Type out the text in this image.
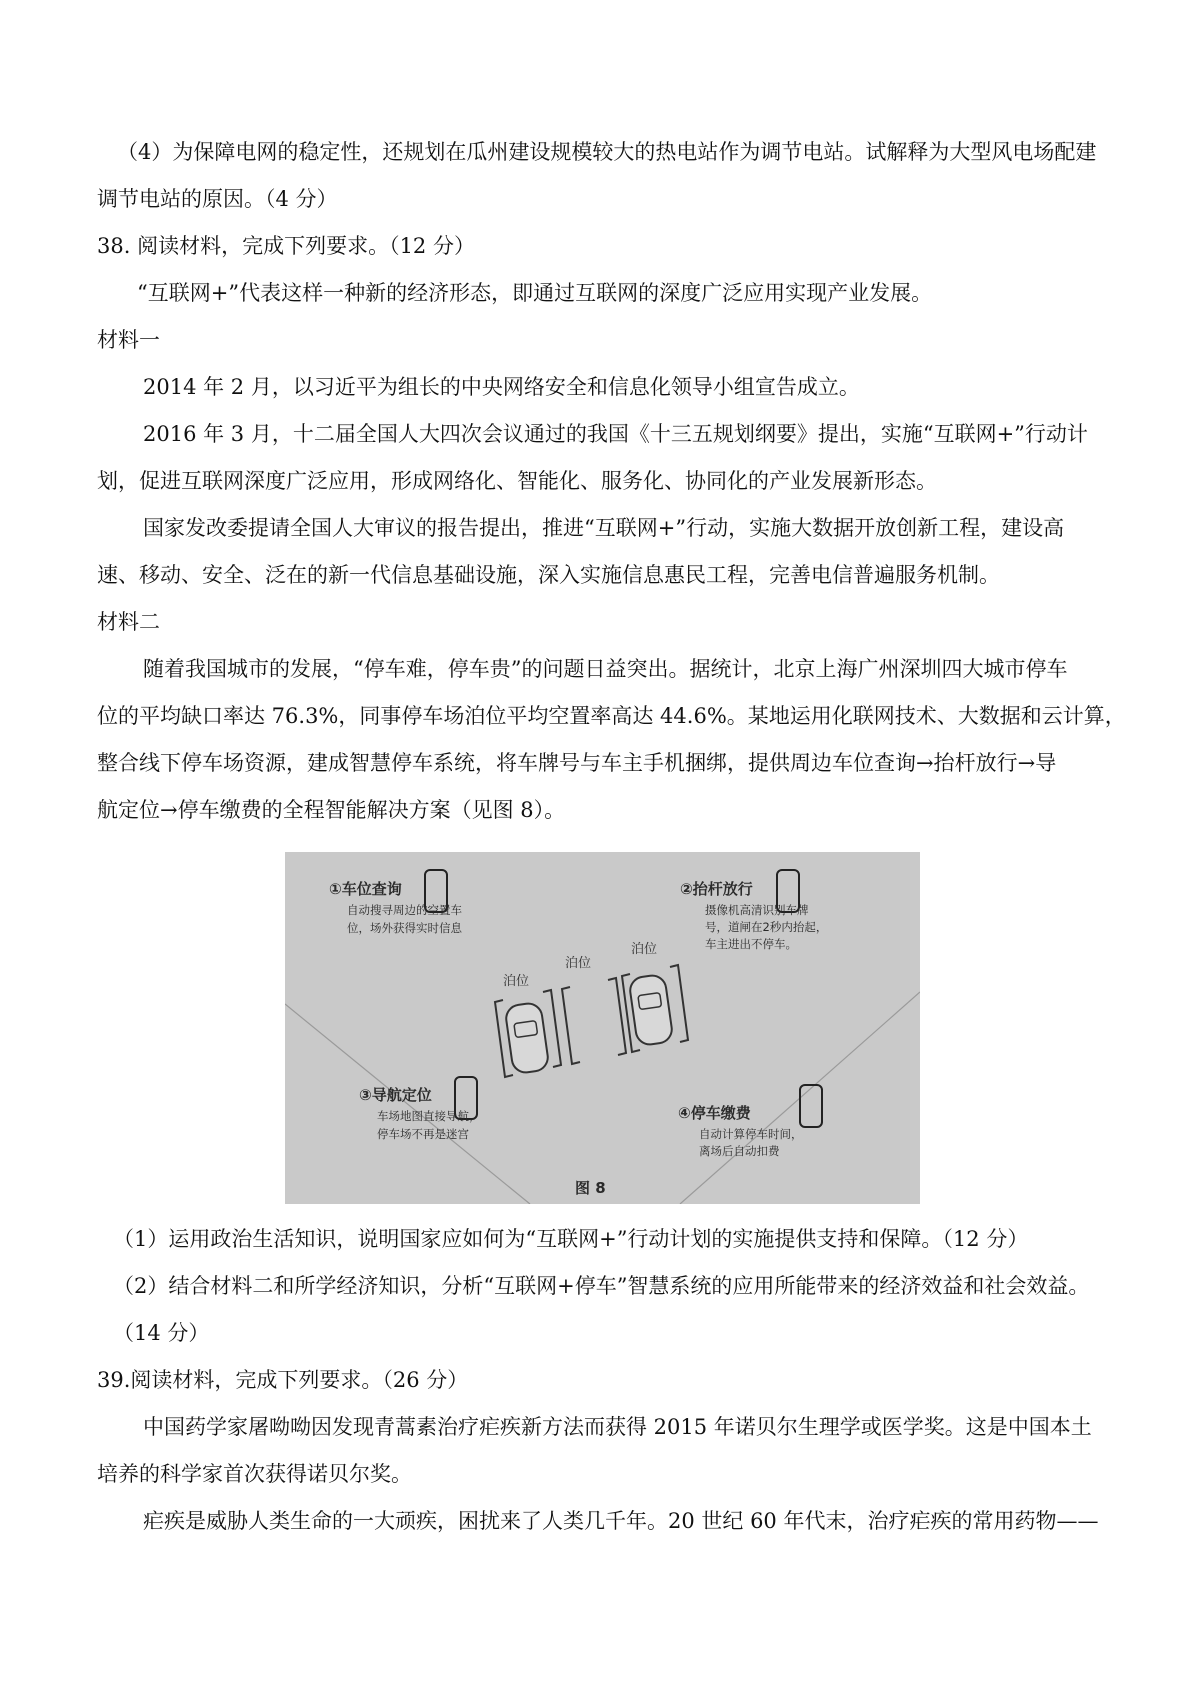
（4）为保障电网的稳定性，还规划在瓜州建设规模较大的热电站作为调节电站。试解释为大型风电场配建
调节电站的原因。（4 分）
38. 阅读材料，完成下列要求。（12 分）
“互联网+”代表这样一种新的经济形态，即通过互联网的深度广泛应用实现产业发展。
材料一
2014 年 2 月，以习近平为组长的中央网络安全和信息化领导小组宣告成立。
2016 年 3 月，十二届全国人大四次会议通过的我国《十三五规划纲要》提出，实施“互联网+”行动计
划，促进互联网深度广泛应用，形成网络化、智能化、服务化、协同化的产业发展新形态。
国家发改委提请全国人大审议的报告提出，推进“互联网+”行动，实施大数据开放创新工程，建设高
速、移动、安全、泛在的新一代信息基础设施，深入实施信息惠民工程，完善电信普遍服务机制。
材料二
随着我国城市的发展，“停车难，停车贵”的问题日益突出。据统计，北京上海广州深圳四大城市停车
位的平均缺口率达 76.3%，同事停车场泊位平均空置率高达 44.6%。某地运用化联网技术、大数据和云计算，
整合线下停车场资源，建成智慧停车系统，将车牌号与车主手机捆绑，提供周边车位查询→抬杆放行→导
航定位→停车缴费的全程智能解决方案（见图 8）。
①车位查询
自动搜寻周边的空置车
位，场外获得实时信息
②抬杆放行
摄像机高清识别车牌
号，道闸在2秒内抬起，
车主进出不停车。
泊位
泊位
泊位
③导航定位
车场地图直接导航，
停车场不再是迷宫
④停车缴费
自动计算停车时间，
离场后自动扣费
图 8
（1）运用政治生活知识，说明国家应如何为“互联网+”行动计划的实施提供支持和保障。（12 分）
（2）结合材料二和所学经济知识，分析“互联网+停车”智慧系统的应用所能带来的经济效益和社会效益。
（14 分）
39.阅读材料，完成下列要求。（26 分）
中国药学家屠呦呦因发现青蒿素治疗疟疾新方法而获得 2015 年诺贝尔生理学或医学奖。这是中国本土
培养的科学家首次获得诺贝尔奖。
疟疾是威胁人类生命的一大顽疾，困扰来了人类几千年。20 世纪 60 年代末，治疗疟疾的常用药物——
